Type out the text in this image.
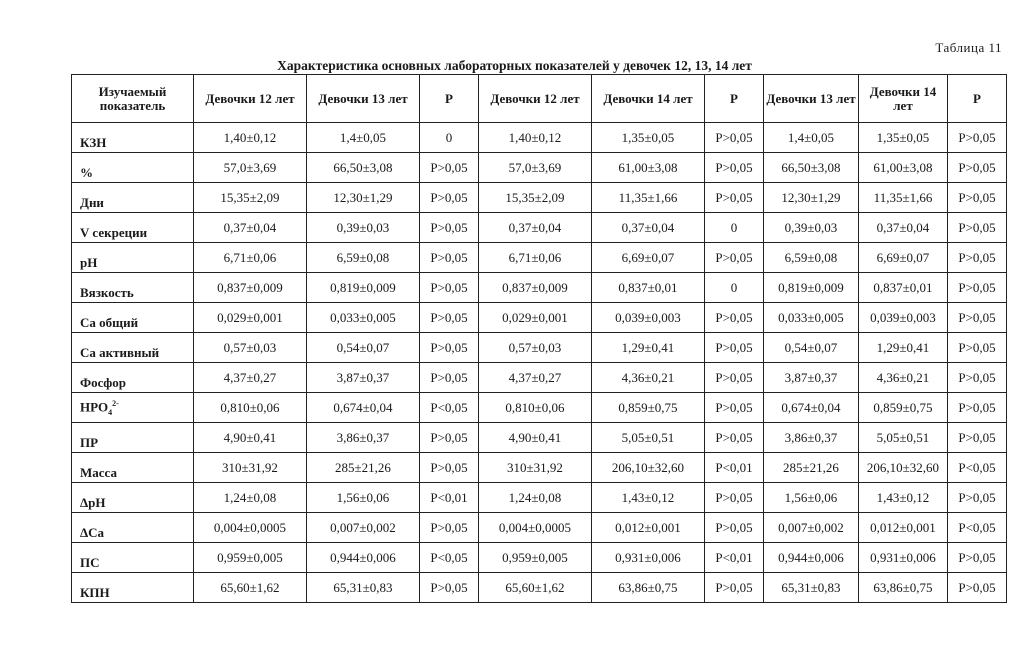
Таблица 11
Характеристика основных лабораторных показателей у девочек 12, 13, 14 лет
Изучаемый показатель	Девочки 12 лет	Девочки 13 лет	Р	Девочки 12 лет	Девочки 14 лет	Р	Девочки 13 лет	Девочки 14 лет	Р
КЗН	1,40±0,12	1,4±0,05	0	1,40±0,12	1,35±0,05	P>0,05	1,4±0,05	1,35±0,05	P>0,05
%	57,0±3,69	66,50±3,08	P>0,05	57,0±3,69	61,00±3,08	P>0,05	66,50±3,08	61,00±3,08	P>0,05
Дни	15,35±2,09	12,30±1,29	P>0,05	15,35±2,09	11,35±1,66	P>0,05	12,30±1,29	11,35±1,66	P>0,05
V секреции	0,37±0,04	0,39±0,03	P>0,05	0,37±0,04	0,37±0,04	0	0,39±0,03	0,37±0,04	P>0,05
pH	6,71±0,06	6,59±0,08	P>0,05	6,71±0,06	6,69±0,07	P>0,05	6,59±0,08	6,69±0,07	P>0,05
Вязкость	0,837±0,009	0,819±0,009	P>0,05	0,837±0,009	0,837±0,01	0	0,819±0,009	0,837±0,01	P>0,05
Са общий	0,029±0,001	0,033±0,005	P>0,05	0,029±0,001	0,039±0,003	P>0,05	0,033±0,005	0,039±0,003	P>0,05
Са активный	0,57±0,03	0,54±0,07	P>0,05	0,57±0,03	1,29±0,41	P>0,05	0,54±0,07	1,29±0,41	P>0,05
Фосфор	4,37±0,27	3,87±0,37	P>0,05	4,37±0,27	4,36±0,21	P>0,05	3,87±0,37	4,36±0,21	P>0,05
$HPO_4^{2-}$	0,810±0,06	0,674±0,04	P<0,05	0,810±0,06	0,859±0,75	P>0,05	0,674±0,04	0,859±0,75	P>0,05
ПР	4,90±0,41	3,86±0,37	P>0,05	4,90±0,41	5,05±0,51	P>0,05	3,86±0,37	5,05±0,51	P>0,05
Масса	310±31,92	285±21,26	P>0,05	310±31,92	206,10±32,60	P<0,01	285±21,26	206,10±32,60	P<0,05
ΔpH	1,24±0,08	1,56±0,06	P<0,01	1,24±0,08	1,43±0,12	P>0,05	1,56±0,06	1,43±0,12	P>0,05
ΔCa	0,004±0,0005	0,007±0,002	P>0,05	0,004±0,0005	0,012±0,001	P>0,05	0,007±0,002	0,012±0,001	P<0,05
ПС	0,959±0,005	0,944±0,006	P<0,05	0,959±0,005	0,931±0,006	P<0,01	0,944±0,006	0,931±0,006	P>0,05
КПН	65,60±1,62	65,31±0,83	P>0,05	65,60±1,62	63,86±0,75	P>0,05	65,31±0,83	63,86±0,75	P>0,05
